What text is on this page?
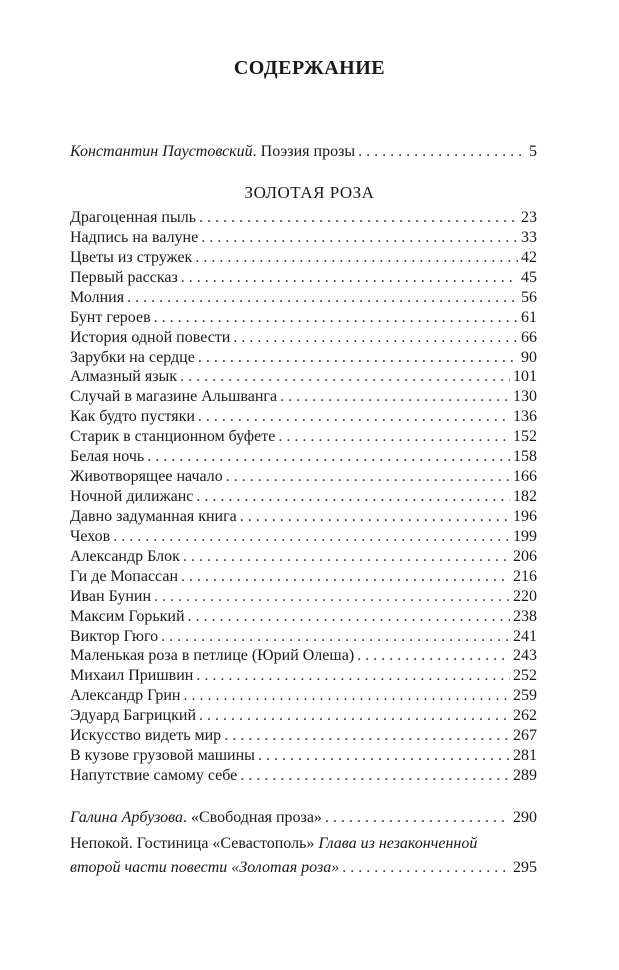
СОДЕРЖАНИЕ
Константин Паустовский. Поэзия прозы . . .	5
ЗОЛОТАЯ РОЗА
Драгоценная пыль . . .	23
Надпись на валуне . . .	33
Цветы из стружек . . .	42
Первый рассказ . . .	45
Молния . . .	56
Бунт героев . . .	61
История одной повести . . .	66
Зарубки на сердце . . .	90
Алмазный язык . . .	101
Случай в магазине Альшванга . . .	130
Как будто пустяки . . .	136
Старик в станционном буфете . . .	152
Белая ночь . . .	158
Животворящее начало . . .	166
Ночной дилижанс . . .	182
Давно задуманная книга . . .	196
Чехов . . .	199
Александр Блок . . .	206
Ги де Мопассан . . .	216
Иван Бунин . . .	220
Максим Горький . . .	238
Виктор Гюго . . .	241
Маленькая роза в петлице (Юрий Олеша) . . .	243
Михаил Пришвин . . .	252
Александр Грин . . .	259
Эдуард Багрицкий . . .	262
Искусство видеть мир . . .	267
В кузове грузовой машины . . .	281
Напутствие самому себе . . .	289
Галина Арбузова. «Свободная проза» . . .	290
Непокой. Гостиница «Севастополь» Глава из незаконченной
второй части повести «Золотая роза» . . .	295
